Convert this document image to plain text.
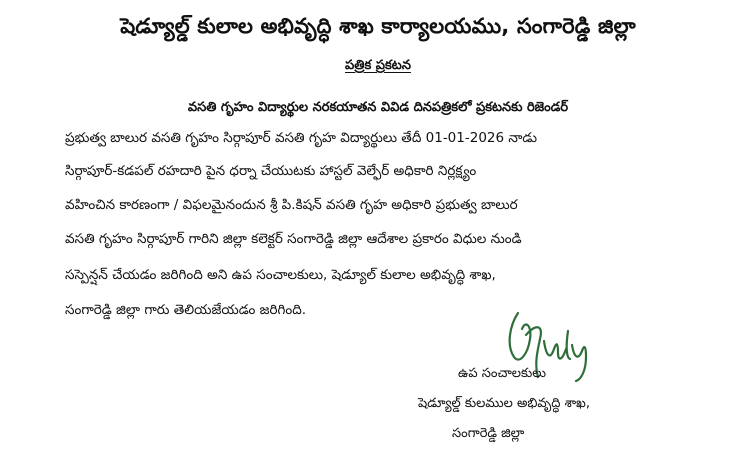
షెడ్యూల్డ్ కులాల అభివృద్ధి శాఖ కార్యాలయము, సంగారెడ్డి జిల్లా
పత్రిక ప్రకటన
వసతి గృహం విద్యార్థుల నరకయాతన వివిడ దినపత్రికలో ప్రకటనకు రిజెండర్
ప్రభుత్వ బాలుర వసతి గృహం సిర్గాపూర్ వసతి గృహ విద్యార్థులు తేదీ 01-01-2026 నాడు
సిర్గాపూర్-కడపల్ రహదారి పైన ధర్నా చేయుటకు హాస్టల్ వెల్ఫేర్ అధికారి నిర్లక్ష్యం
వహించిన కారణంగా / విఫలమైనందున శ్రీ పి.కిషన్ వసతి గృహ అధికారి ప్రభుత్వ బాలుర
వసతి గృహం సిర్గాపూర్ గారిని జిల్లా కలెక్టర్ సంగారెడ్డి జిల్లా ఆదేశాల ప్రకారం విధుల నుండి
సస్పెన్షన్ చేయడం జరిగింది అని ఉప సంచాలకులు, షెడ్యూల్ కులాల అభివృద్ధి శాఖ,
సంగారెడ్డి జిల్లా గారు తెలియజేయడం జరిగింది.
ఉప సంచాలకులు
షెడ్యూల్డ్ కులముల అభివృద్ధి శాఖ,
సంగారెడ్డి జిల్లా
